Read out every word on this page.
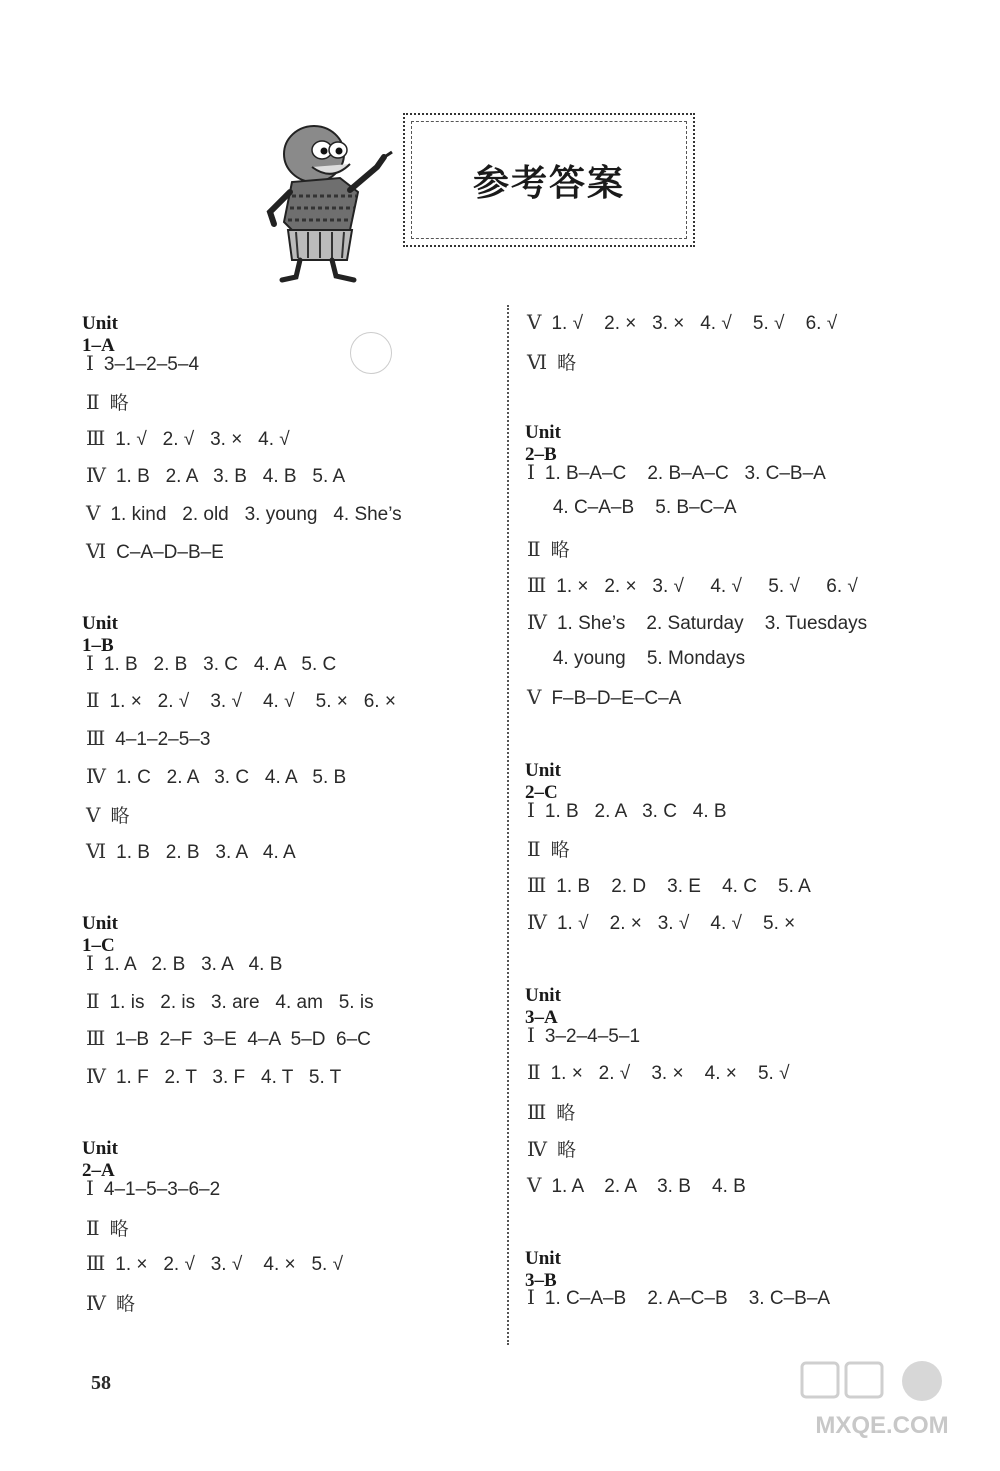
参考答案
Unit 1–A
Ⅰ 3–1–2–5–4
Ⅱ 略
Ⅲ 1. √   2. √   3. ×   4. √
Ⅳ 1. B   2. A   3. B   4. B   5. A
Ⅴ 1. kind   2. old   3. young   4. She’s
Ⅵ C–A–D–B–E
Unit 1–B
Ⅰ 1. B   2. B   3. C   4. A   5. C
Ⅱ 1. ×   2. √    3. √    4. √    5. ×   6. ×
Ⅲ 4–1–2–5–3
Ⅳ 1. C   2. A   3. C   4. A   5. B
Ⅴ 略
Ⅵ 1. B   2. B   3. A   4. A
Unit 1–C
Ⅰ 1. A   2. B   3. A   4. B
Ⅱ 1. is   2. is   3. are   4. am   5. is
Ⅲ 1–B  2–F  3–E  4–A  5–D  6–C
Ⅳ 1. F   2. T   3. F   4. T   5. T
Unit 2–A
Ⅰ 4–1–5–3–6–2
Ⅱ 略
Ⅲ 1. ×   2. √   3. √    4. ×   5. √
Ⅳ 略
Ⅴ 1. √    2. ×   3. ×   4. √    5. √    6. √
Ⅵ 略
Unit 2–B
Ⅰ 1. B–A–C    2. B–A–C   3. C–B–A
4. C–A–B    5. B–C–A
Ⅱ 略
Ⅲ 1. ×   2. ×   3. √     4. √     5. √     6. √
Ⅳ 1. She’s    2. Saturday    3. Tuesdays
4. young    5. Mondays
Ⅴ F–B–D–E–C–A
Unit 2–C
Ⅰ 1. B   2. A   3. C   4. B
Ⅱ 略
Ⅲ 1. B    2. D    3. E    4. C    5. A
Ⅳ 1. √    2. ×   3. √    4. √    5. ×
Unit 3–A
Ⅰ 3–2–4–5–1
Ⅱ 1. ×   2. √    3. ×    4. ×    5. √
Ⅲ 略
Ⅳ 略
Ⅴ 1. A    2. A    3. B    4. B
Unit 3–B
Ⅰ 1. C–A–B    2. A–C–B    3. C–B–A
58
MXQE.COM
